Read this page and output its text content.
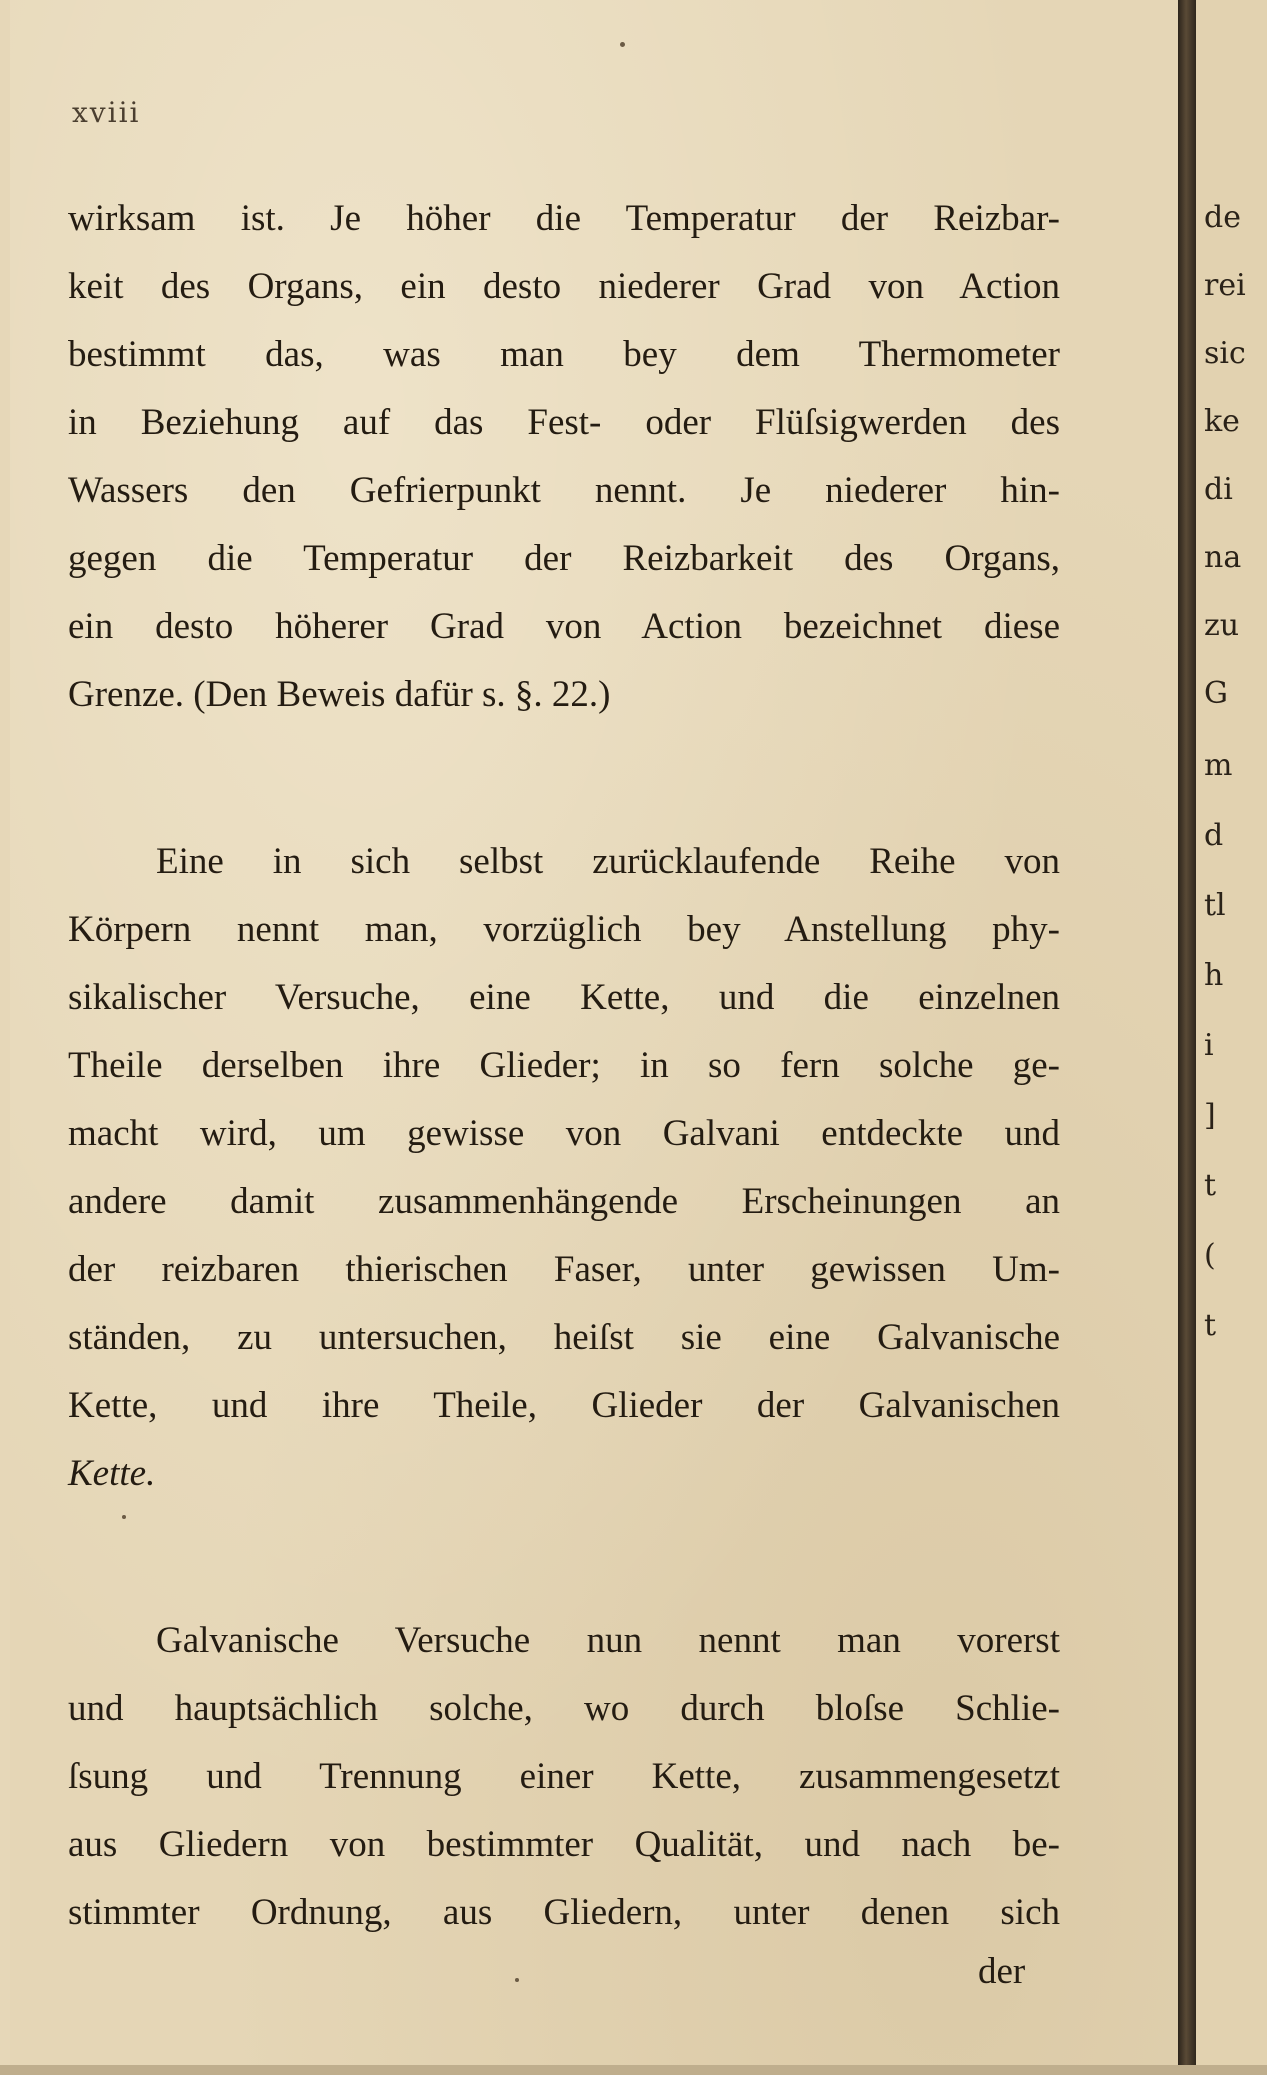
xviii
wirksam ist. Je höher die Temperatur der Reizbar-
keit des Organs, ein desto niederer Grad von Action
bestimmt das, was man bey dem Thermometer
in Beziehung auf das Fest- oder Flüſsigwerden des
Wassers den Gefrierpunkt nennt. Je niederer hin-
gegen die Temperatur der Reizbarkeit des Organs,
ein desto höherer Grad von Action bezeichnet diese
Grenze. (Den Beweis dafür s. §. 22.)
Eine in sich selbst zurücklaufende Reihe von
Körpern nennt man, vorzüglich bey Anstellung phy-
sikalischer Versuche, eine Kette, und die einzelnen
Theile derselben ihre Glieder; in so fern solche ge-
macht wird, um gewisse von Galvani entdeckte und
andere damit zusammenhängende Erscheinungen an
der reizbaren thierischen Faser, unter gewissen Um-
ständen, zu untersuchen, heiſst sie eine Galvanische
Kette, und ihre Theile, Glieder der Galvanischen
Kette.
Galvanische Versuche nun nennt man vorerst
und hauptsächlich solche, wo durch bloſse Schlie-
ſsung und Trennung einer Kette, zusammengesetzt
aus Gliedern von bestimmter Qualität, und nach be-
stimmter Ordnung, aus Gliedern, unter denen sich
der
de
rei
sic
ke
di
na
zu
G
m
d
tl
h
i
]
t
(
t
